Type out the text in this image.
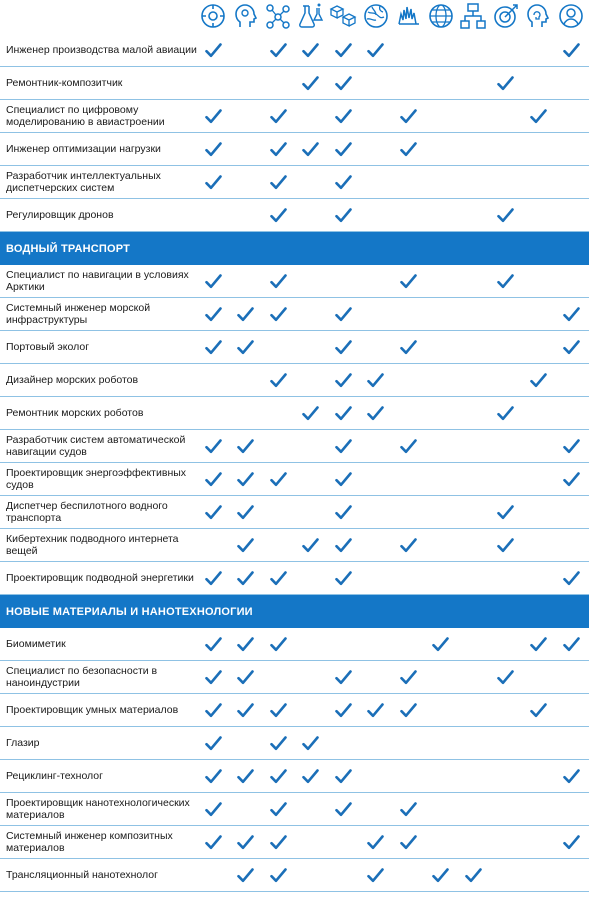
Инженер производства малой авиации
Ремонтник-композитчик
Специалист по цифровому моделированию в авиастроении
Инженер оптимизации нагрузки
Разработчик интеллектуальных диспетчерских систем
Регулировщик дронов
ВОДНЫЙ ТРАНСПОРТ
Специалист по навигации в условиях Арктики
Системный инженер морской инфраструктуры
Портовый эколог
Дизайнер морских роботов
Ремонтник морских роботов
Разработчик систем автоматической навигации судов
Проектировщик энергоэффективных судов
Диспетчер беспилотного водного транспорта
Кибертехник подводного интернета вещей
Проектировщик подводной энергетики
НОВЫЕ МАТЕРИАЛЫ И НАНОТЕХНОЛОГИИ
Биомиметик
Специалист по безопасности в наноиндустрии
Проектировщик умных материалов
Глазир
Рециклинг-технолог
Проектировщик нанотехнологических материалов
Системный инженер композитных материалов
Трансляционный нанотехнолог
